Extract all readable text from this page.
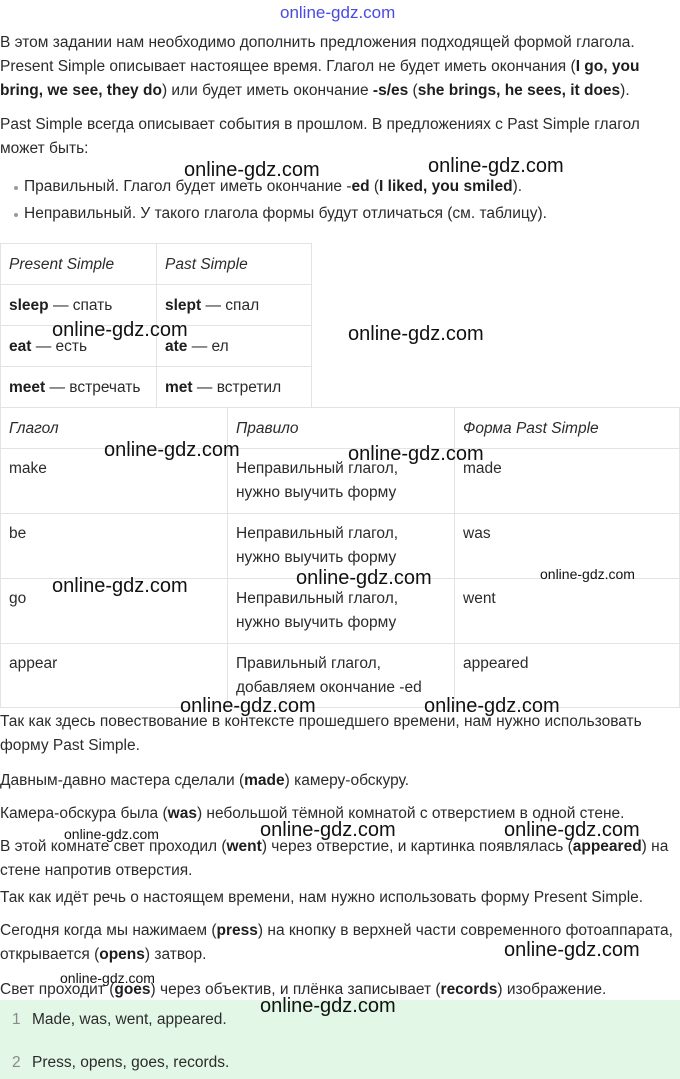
online-gdz.com

В этом задании нам необходимо дополнить предложения подходящей формой глагола. Present Simple описывает настоящее время. Глагол не будет иметь окончания (I go, you bring, we see, they do) или будет иметь окончание -s/es (she brings, he sees, it does).

Past Simple всегда описывает события в прошлом. В предложениях с Past Simple глагол может быть:

Правильный. Глагол будет иметь окончание -ed (I liked, you smiled).
Неправильный. У такого глагола формы будут отличаться (см. таблицу).
Present Simple	Past Simple
sleep — спать	slept — спал
eat — есть	ate — ел
meet — встречать	met — встретил
Глагол	Правило	Форма Past Simple
make	Неправильный глагол, нужно выучить форму	made
be	Неправильный глагол, нужно выучить форму	was
go	Неправильный глагол, нужно выучить форму	went
appear	Правильный глагол, добавляем окончание -ed	appeared

Так как здесь повествование в контексте прошедшего времени, нам нужно использовать форму Past Simple.

Давным-давно мастера сделали (made) камеру-обскуру.

Камера-обскура была (was) небольшой тёмной комнатой с отверстием в одной стене.

В этой комнате свет проходил (went) через отверстие, и картинка появлялась (appeared) на стене напротив отверстия.

Так как идёт речь о настоящем времени, нам нужно использовать форму Present Simple.

Сегодня когда мы нажимаем (press) на кнопку в верхней части современного фотоаппарата, открывается (opens) затвор.

Свет проходит (goes) через объектив, и плёнка записывает (records) изображение.

1 Made, was, went, appeared.
2 Press, opens, goes, records.
online-gdz.com	online-gdz.com
online-gdz.com	online-gdz.com
online-gdz.com	online-gdz.com
online-gdz.com	online-gdz.com
online-gdz.com
online-gdz.com	online-gdz.com
online-gdz.com	online-gdz.com	online-gdz.com
online-gdz.com
online-gdz.com
online-gdz.com
